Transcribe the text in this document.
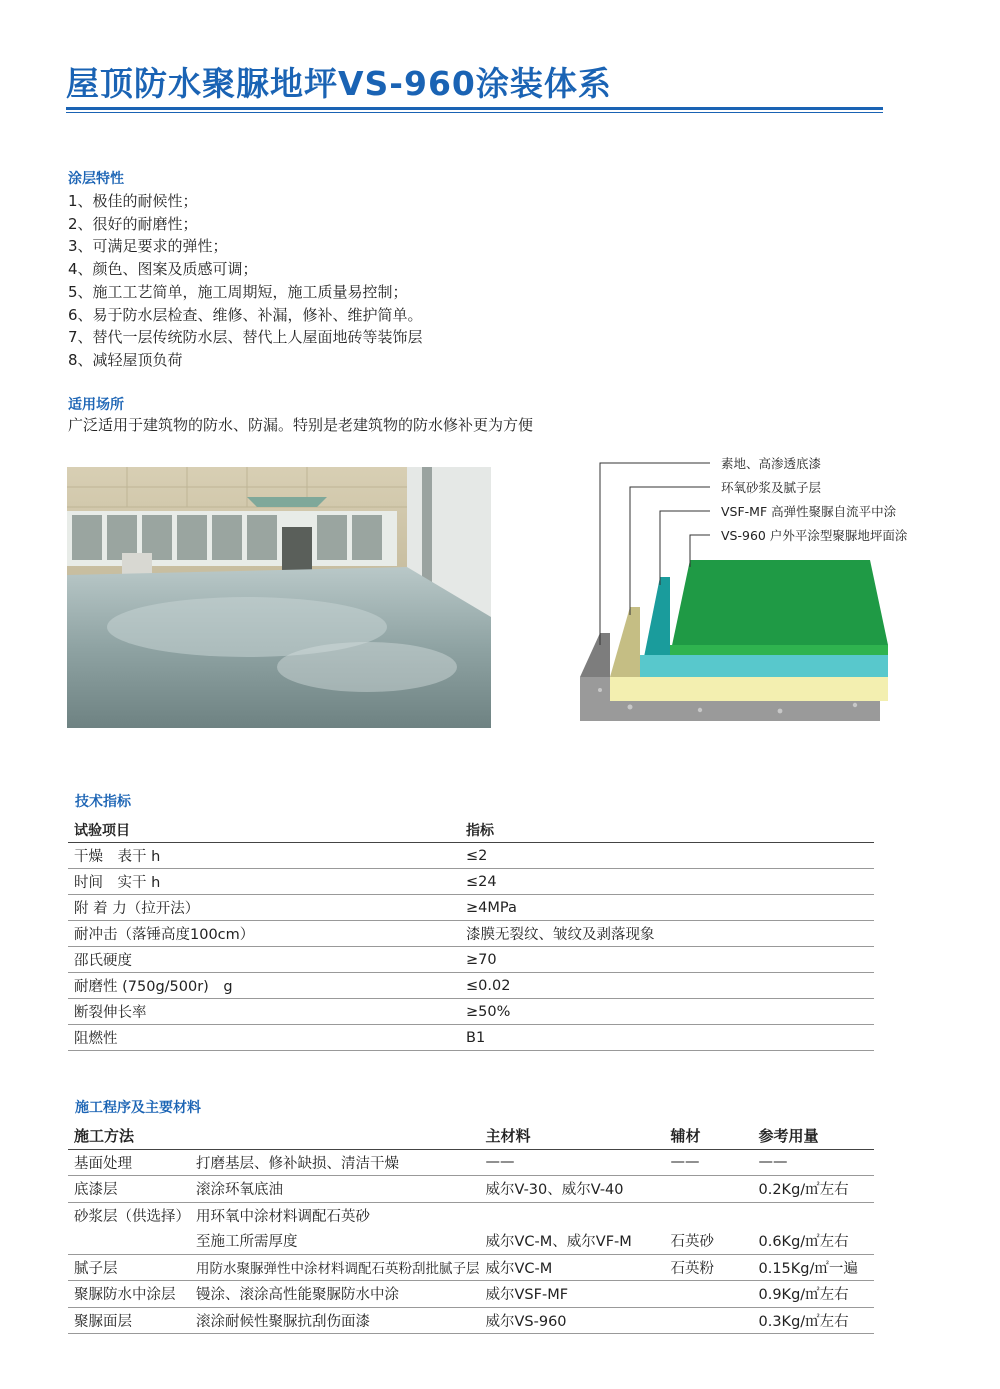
屋顶防水聚脲地坪VS-960涂装体系
涂层特性
1、极佳的耐候性；
2、很好的耐磨性；
3、可满足要求的弹性；
4、颜色、图案及质感可调；
5、施工工艺简单，施工周期短，施工质量易控制；
6、易于防水层检查、维修、补漏，修补、维护简单。
7、替代一层传统防水层、替代上人屋面地砖等装饰层
8、减轻屋顶负荷
适用场所
广泛适用于建筑物的防水、防漏。特别是老建筑物的防水修补更为方便
素地、高渗透底漆
环氧砂浆及腻子层
VSF-MF 高弹性聚脲自流平中涂
VS-960 户外平涂型聚脲地坪面涂
技术指标
试验项目	指标
干燥　表干 h	≤2
时间　实干 h	≤24
附 着 力（拉开法）	≥4MPa
耐冲击（落锤高度100cm）	漆膜无裂纹、皱纹及剥落现象
邵氏硬度	≥70
耐磨性 (750g/500r)　g	≤0.02
断裂伸长率	≥50%
阻燃性	B1
施工程序及主要材料
施工方法		主材料	辅材	参考用量
基面处理	打磨基层、修补缺损、清洁干燥	——	——	——
底漆层	滚涂环氧底油	威尔V-30、威尔V-40		0.2Kg/㎡左右
砂浆层（供选择）	用环氧中涂材料调配石英砂			
	至施工所需厚度	威尔VC-M、威尔VF-M	石英砂	0.6Kg/㎡左右
腻子层	用防水聚脲弹性中涂材料调配石英粉刮批腻子层	威尔VC-M	石英粉	0.15Kg/㎡一遍
聚脲防水中涂层	镘涂、滚涂高性能聚脲防水中涂	威尔VSF-MF		0.9Kg/㎡左右
聚脲面层	滚涂耐候性聚脲抗刮伤面漆	威尔VS-960		0.3Kg/㎡左右
